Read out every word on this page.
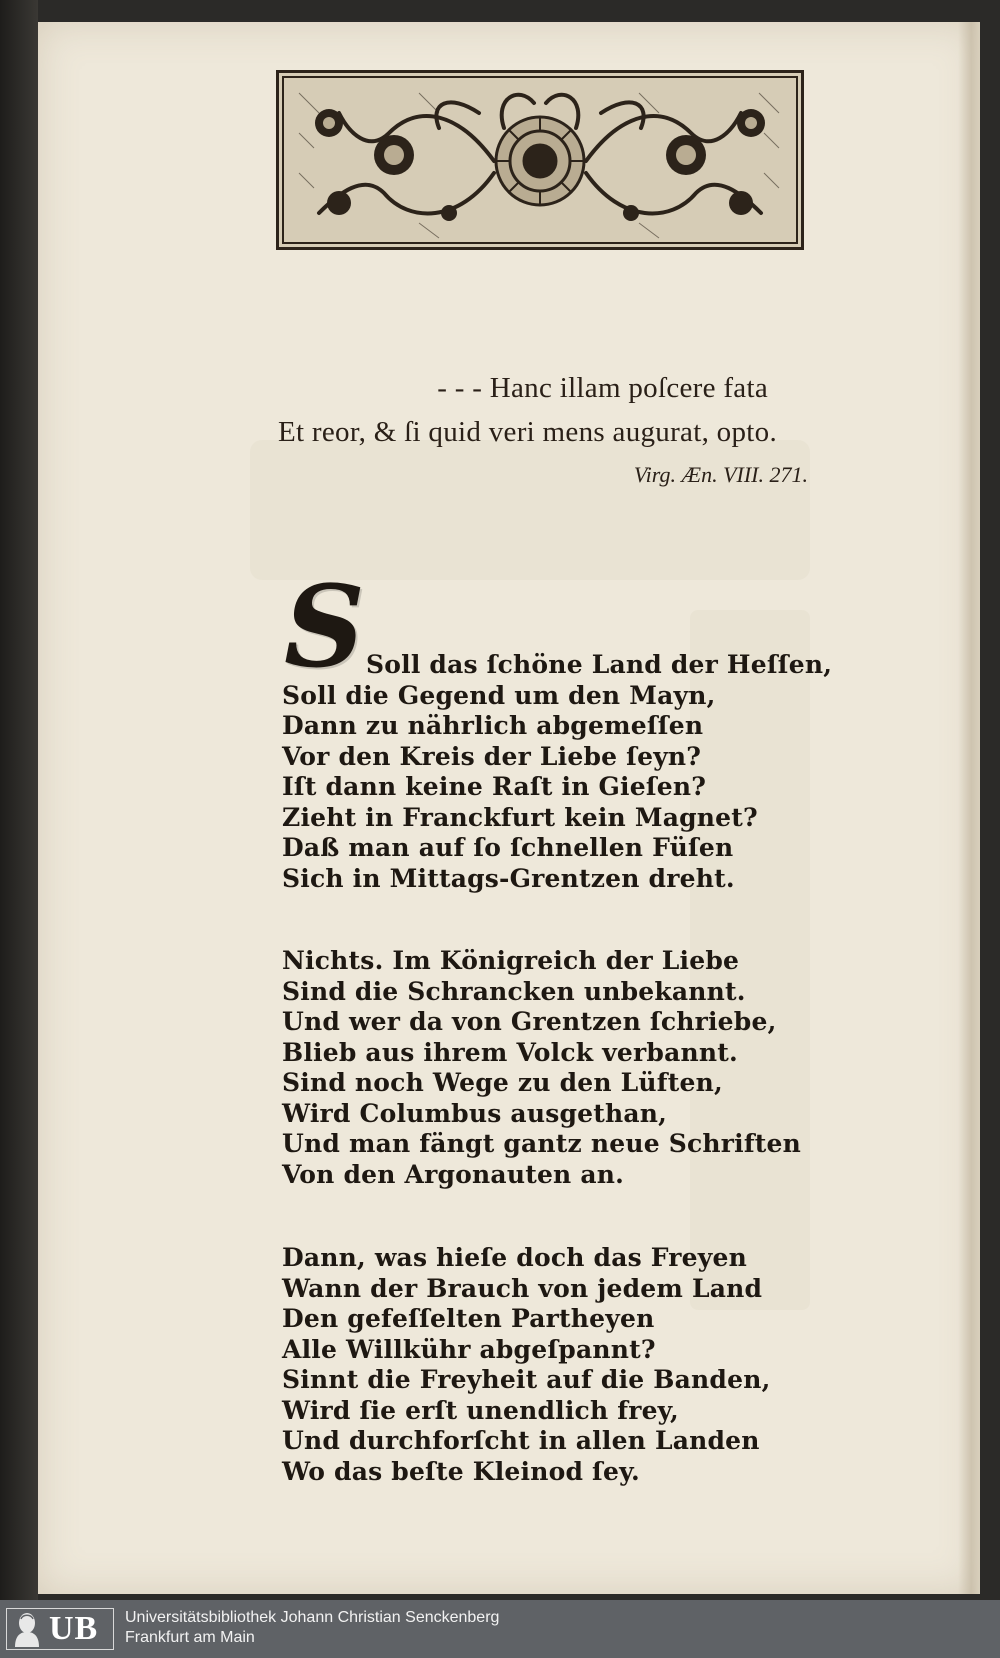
- - - Hanc illam poſcere fata
Et reor, & ſi quid veri mens augurat, opto.
Virg. Æn. VIII. 271.
S Soll das ſchöne Land der Heſſen,
Soll die Gegend um den Mayn,
Dann zu nährlich abgemeſſen
Vor den Kreis der Liebe ſeyn?
Iſt dann keine Raſt in Gieſen?
Zieht in Franckfurt kein Magnet?
Daß man auf ſo ſchnellen Füſen
Sich in Mittags-Grentzen dreht.
Nichts. Im Königreich der Liebe
Sind die Schrancken unbekannt.
Und wer da von Grentzen ſchriebe,
Blieb aus ihrem Volck verbannt.
Sind noch Wege zu den Lüften,
Wird Columbus ausgethan,
Und man fängt gantz neue Schriften
Von den Argonauten an.
Dann, was hieſe doch das Freyen
Wann der Brauch von jedem Land
Den gefeſſelten Partheyen
Alle Willkühr abgeſpannt?
Sinnt die Freyheit auf die Banden,
Wird ſie erſt unendlich frey,
Und durchforſcht in allen Landen
Wo das beſte Kleinod ſey.
UB Universitätsbibliothek Johann Christian Senckenberg
Frankfurt am Main
